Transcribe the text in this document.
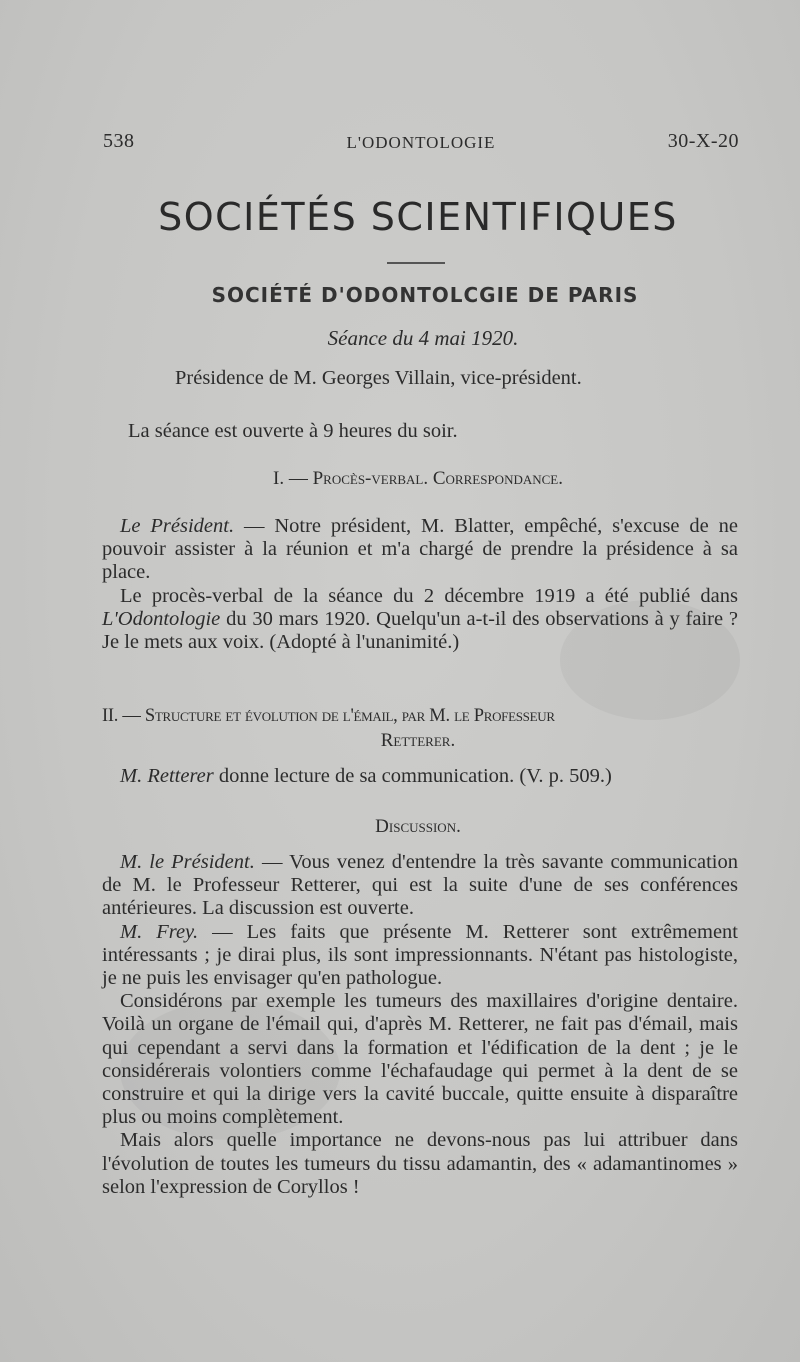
538	L'ODONTOLOGIE	30-X-20
SOCIÉTÉS SCIENTIFIQUES
SOCIÉTÉ D'ODONTOLCGIE DE PARIS
Séance du 4 mai 1920.
Présidence de M. Georges Villain, vice-président.
La séance est ouverte à 9 heures du soir.
I. — Procès-verbal. Correspondance.

Le Président. — Notre président, M. Blatter, empêché, s'excuse de ne pouvoir assister à la réunion et m'a chargé de prendre la présidence à sa place.

Le procès-verbal de la séance du 2 décembre 1919 a été publié dans L'Odontologie du 30 mars 1920. Quelqu'un a-t-il des observations à y faire ? Je le mets aux voix. (Adopté à l'unanimité.)

II. — Structure et évolution de l'émail, par M. le Professeur
Retterer.

M. Retterer donne lecture de sa communication. (V. p. 509.)

Discussion.

M. le Président. — Vous venez d'entendre la très savante communication de M. le Professeur Retterer, qui est la suite d'une de ses conférences antérieures. La discussion est ouverte.

M. Frey. — Les faits que présente M. Retterer sont extrêmement intéressants ; je dirai plus, ils sont impressionnants. N'étant pas histologiste, je ne puis les envisager qu'en pathologue.

Considérons par exemple les tumeurs des maxillaires d'origine dentaire. Voilà un organe de l'émail qui, d'après M. Retterer, ne fait pas d'émail, mais qui cependant a servi dans la formation et l'édification de la dent ; je le considérerais volontiers comme l'échafaudage qui permet à la dent de se construire et qui la dirige vers la cavité buccale, quitte ensuite à disparaître plus ou moins complètement.

Mais alors quelle importance ne devons-nous pas lui attribuer dans l'évolution de toutes les tumeurs du tissu adamantin, des « adamantinomes » selon l'expression de Coryllos !
